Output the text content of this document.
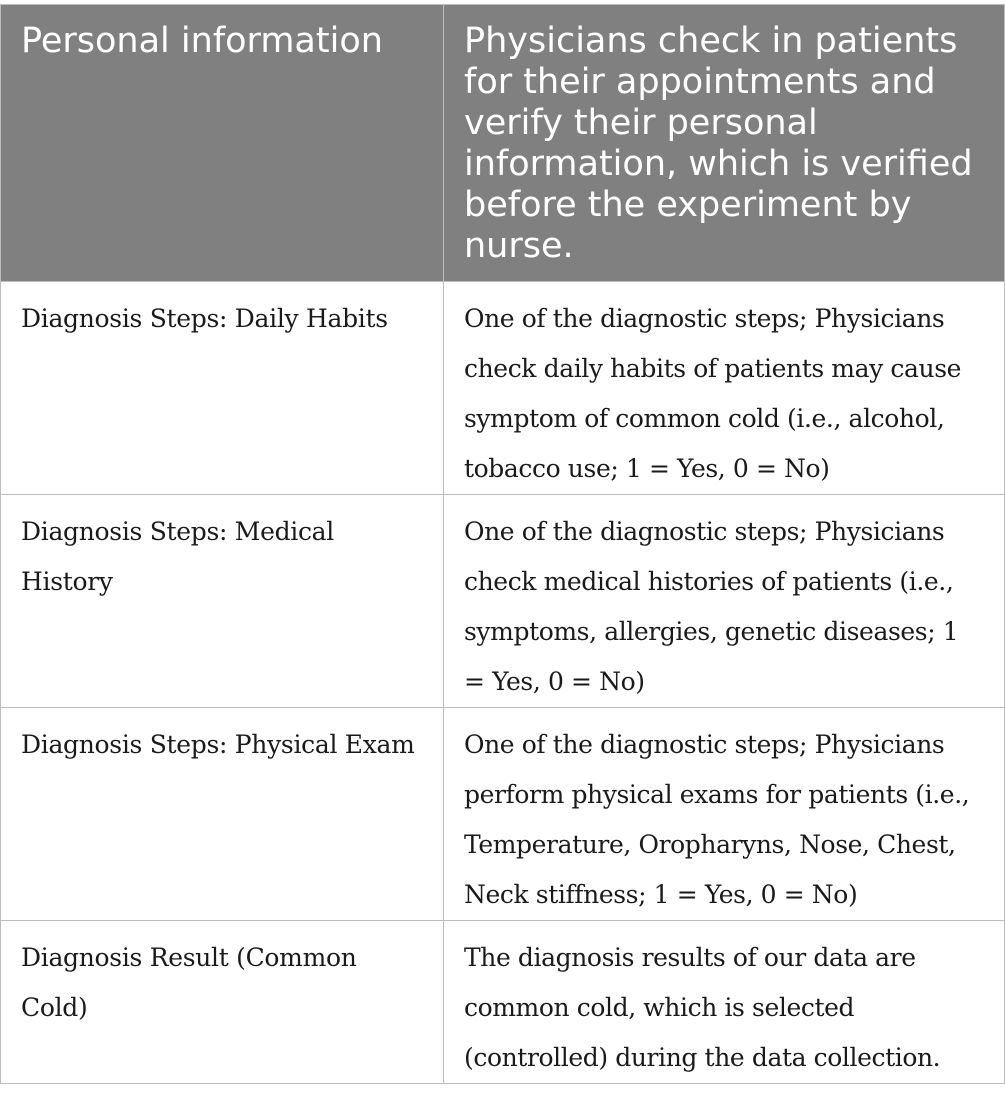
Personal information	Physicians check in patients for their appointments and verify their personal information, which is verified before the experiment by nurse.
Diagnosis Steps: Daily Habits	One of the diagnostic steps; Physicians check daily habits of patients may cause symptom of common cold (i.e., alcohol, tobacco use; 1 = Yes, 0 = No)
Diagnosis Steps: Medical History	One of the diagnostic steps; Physicians check medical histories of patients (i.e., symptoms, allergies, genetic diseases; 1 = Yes, 0 = No)
Diagnosis Steps: Physical Exam	One of the diagnostic steps; Physicians perform physical exams for patients (i.e., Temperature, Oropharyns, Nose, Chest, Neck stiffness; 1 = Yes, 0 = No)
Diagnosis Result (Common Cold)	The diagnosis results of our data are common cold, which is selected (controlled) during the data collection.
